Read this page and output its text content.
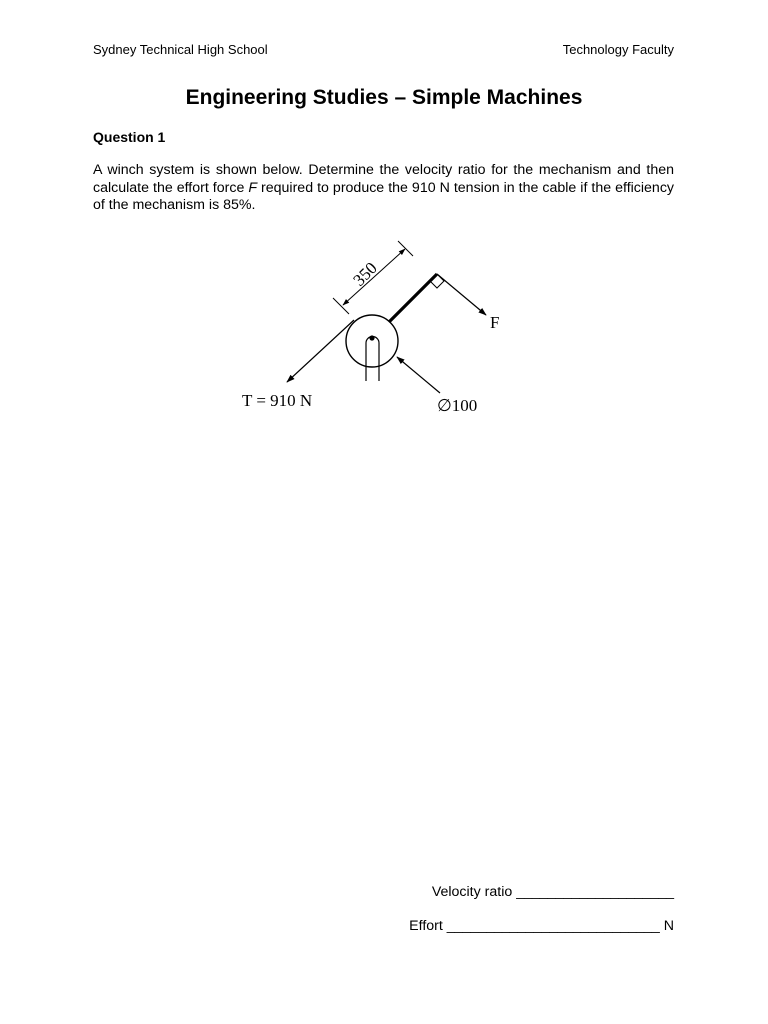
Sydney Technical High School	Technology Faculty
Engineering Studies – Simple Machines
Question 1

A winch system is shown below. Determine the velocity ratio for the mechanism and then calculate the effort force F required to produce the 910 N tension in the cable if the efficiency of the mechanism is 85%.

F
T = 910 N
350
∅100
Velocity ratio ____________________
Effort ___________________________ N
